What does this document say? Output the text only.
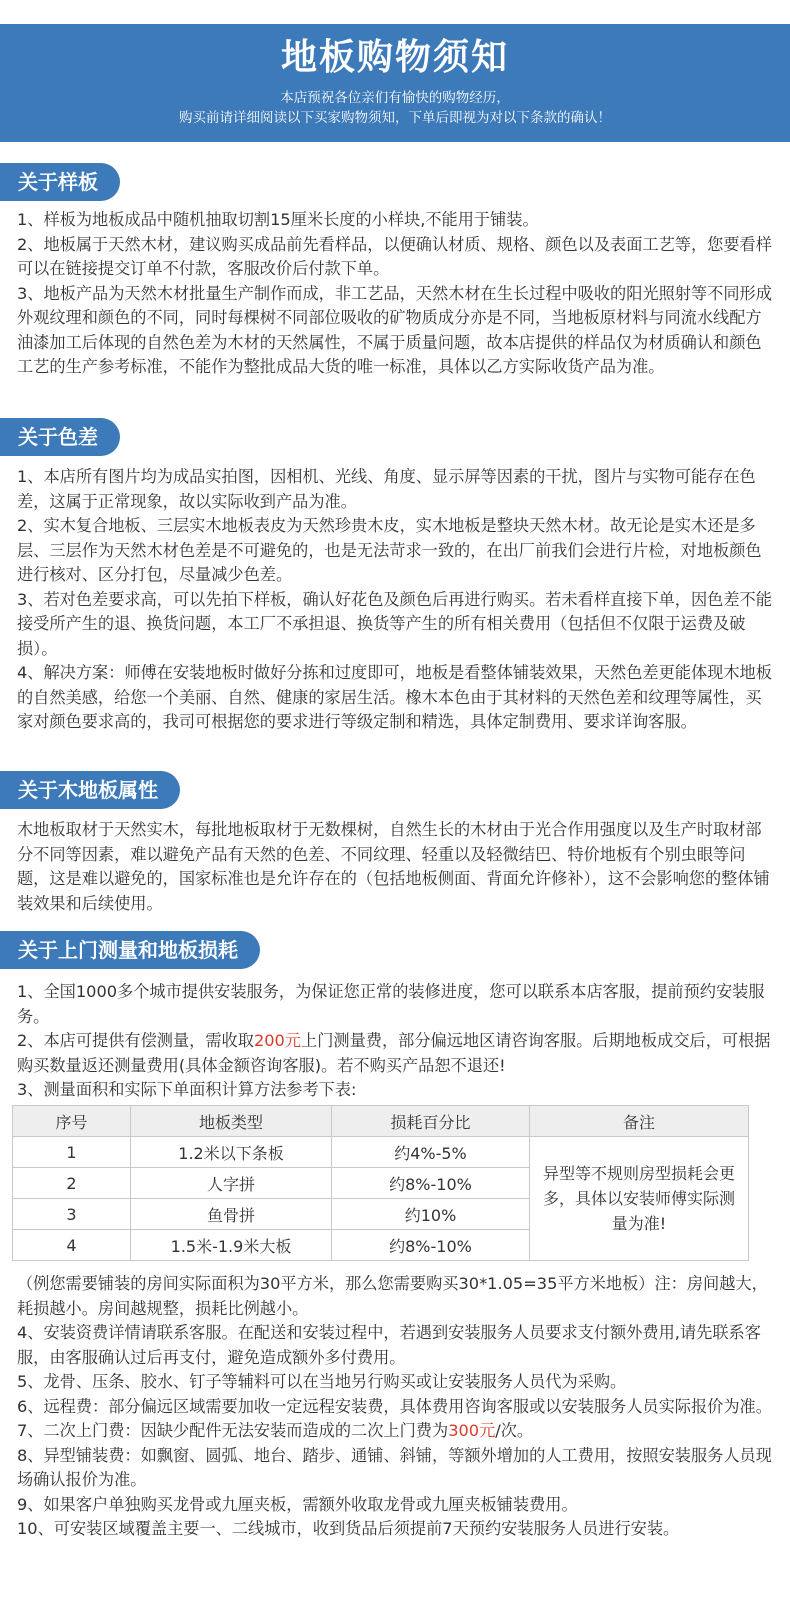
地板购物须知
本店预祝各位亲们有愉快的购物经历，
购买前请详细阅读以下买家购物须知，下单后即视为对以下条款的确认！
关于样板

1、样板为地板成品中随机抽取切割15厘米长度的小样块,不能用于铺装。

2、地板属于天然木材，建议购买成品前先看样品，以便确认材质、规格、颜色以及表面工艺等，您要看样可以在链接提交订单不付款，客服改价后付款下单。

3、地板产品为天然木材批量生产制作而成，非工艺品，天然木材在生长过程中吸收的阳光照射等不同形成外观纹理和颜色的不同，同时每棵树不同部位吸收的矿物质成分亦是不同，当地板原材料与同流水线配方油漆加工后体现的自然色差为木材的天然属性，不属于质量问题，故本店提供的样品仅为材质确认和颜色工艺的生产参考标准，不能作为整批成品大货的唯一标准，具体以乙方实际收货产品为准。

关于色差

1、本店所有图片均为成品实拍图，因相机、光线、角度、显示屏等因素的干扰，图片与实物可能存在色差，这属于正常现象，故以实际收到产品为准。

2、实木复合地板、三层实木地板表皮为天然珍贵木皮，实木地板是整块天然木材。故无论是实木还是多层、三层作为天然木材色差是不可避免的，也是无法苛求一致的，在出厂前我们会进行片检，对地板颜色进行核对、区分打包，尽量减少色差。

3、若对色差要求高，可以先拍下样板，确认好花色及颜色后再进行购买。若未看样直接下单，因色差不能接受所产生的退、换货问题，本工厂不承担退、换货等产生的所有相关费用（包括但不仅限于运费及破损）。

4、解决方案：师傅在安装地板时做好分拣和过度即可，地板是看整体铺装效果，天然色差更能体现木地板的自然美感，给您一个美丽、自然、健康的家居生活。橡木本色由于其材料的天然色差和纹理等属性，买家对颜色要求高的，我司可根据您的要求进行等级定制和精选，具体定制费用、要求详询客服。

关于木地板属性

木地板取材于天然实木，每批地板取材于无数棵树，自然生长的木材由于光合作用强度以及生产时取材部分不同等因素，难以避免产品有天然的色差、不同纹理、轻重以及轻微结巴、特价地板有个别虫眼等问题，这是难以避免的，国家标准也是允许存在的（包括地板侧面、背面允许修补），这不会影响您的整体铺装效果和后续使用。

关于上门测量和地板损耗

1、全国1000多个城市提供安装服务，为保证您正常的装修进度，您可以联系本店客服，提前预约安装服务。

2、本店可提供有偿测量，需收取200元上门测量费，部分偏远地区请咨询客服。后期地板成交后，可根据购买数量返还测量费用(具体金额咨询客服)。若不购买产品恕不退还!

3、测量面积和实际下单面积计算方法参考下表:

序号	地板类型	损耗百分比	备注
1	1.2米以下条板	约4%-5%	异型等不规则房型损耗会更多，具体以安装师傅实际测量为准!
2	人字拼	约8%-10%	
3	鱼骨拼	约10%	
4	1.5米-1.9米大板	约8%-10%	

（例您需要铺装的房间实际面积为30平方米，那么您需要购买30*1.05=35平方米地板）注：房间越大，耗损越小。房间越规整，损耗比例越小。

4、安装资费详情请联系客服。在配送和安装过程中，若遇到安装服务人员要求支付额外费用,请先联系客服，由客服确认过后再支付，避免造成额外多付费用。

5、龙骨、压条、胶水、钉子等辅料可以在当地另行购买或让安装服务人员代为采购。

6、远程费：部分偏远区域需要加收一定远程安装费，具体费用咨询客服或以安装服务人员实际报价为准。

7、二次上门费：因缺少配件无法安装而造成的二次上门费为300元/次。

8、异型铺装费：如飘窗、圆弧、地台、踏步、通铺、斜铺，等额外增加的人工费用，按照安装服务人员现场确认报价为准。

9、如果客户单独购买龙骨或九厘夹板，需额外收取龙骨或九厘夹板铺装费用。

10、可安装区域覆盖主要一、二线城市，收到货品后须提前7天预约安装服务人员进行安装。
